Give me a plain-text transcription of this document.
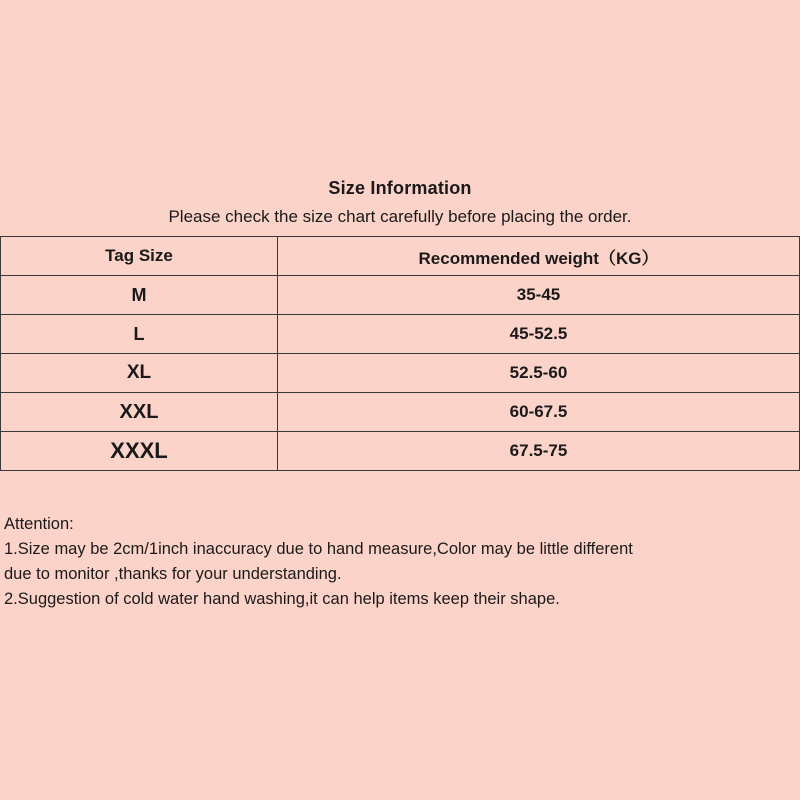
Size Information
Please check the size chart carefully before placing the order.
Tag Size	Recommended weight（KG）
M	35-45
L	45-52.5
XL	52.5-60
XXL	60-67.5
XXXL	67.5-75

Attention:

1.Size may be 2cm/1inch inaccuracy due to hand measure,Color may be little different

due to monitor ,thanks for your understanding.

2.Suggestion of cold water hand washing,it can help items keep their shape.
